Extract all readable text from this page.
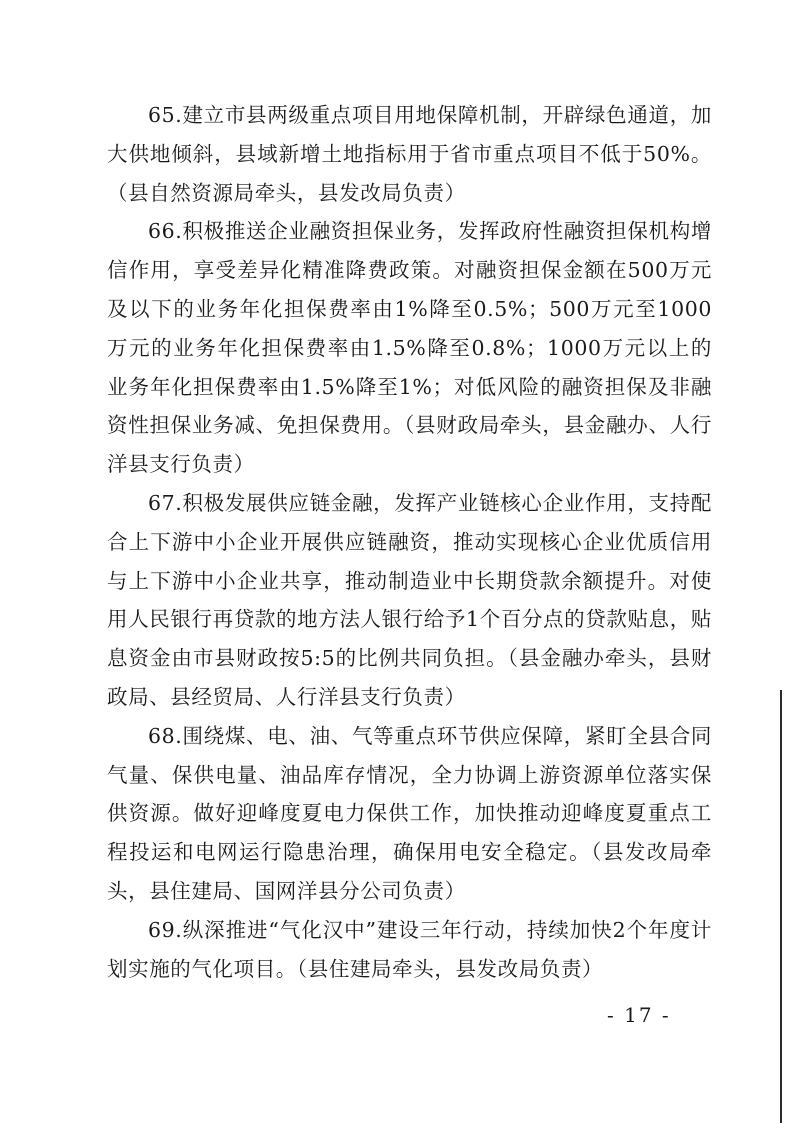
65.建立市县两级重点项目用地保障机制，开辟绿色通道，加大供地倾斜，县域新增土地指标用于省市重点项目不低于50%。（县自然资源局牵头，县发改局负责）

66.积极推送企业融资担保业务，发挥政府性融资担保机构增信作用，享受差异化精准降费政策。对融资担保金额在500万元及以下的业务年化担保费率由1%降至0.5%；500万元至1000万元的业务年化担保费率由1.5%降至0.8%；1000万元以上的业务年化担保费率由1.5%降至1%；对低风险的融资担保及非融资性担保业务减、免担保费用。（县财政局牵头，县金融办、人行洋县支行负责）

67.积极发展供应链金融，发挥产业链核心企业作用，支持配合上下游中小企业开展供应链融资，推动实现核心企业优质信用与上下游中小企业共享，推动制造业中长期贷款余额提升。对使用人民银行再贷款的地方法人银行给予1个百分点的贷款贴息，贴息资金由市县财政按5:5的比例共同负担。（县金融办牵头，县财政局、县经贸局、人行洋县支行负责）

68.围绕煤、电、油、气等重点环节供应保障，紧盯全县合同气量、保供电量、油品库存情况，全力协调上游资源单位落实保供资源。做好迎峰度夏电力保供工作，加快推动迎峰度夏重点工程投运和电网运行隐患治理，确保用电安全稳定。（县发改局牵头，县住建局、国网洋县分公司负责）

69.纵深推进“气化汉中”建设三年行动，持续加快2个年度计划实施的气化项目。（县住建局牵头，县发改局负责）

- 17 -
